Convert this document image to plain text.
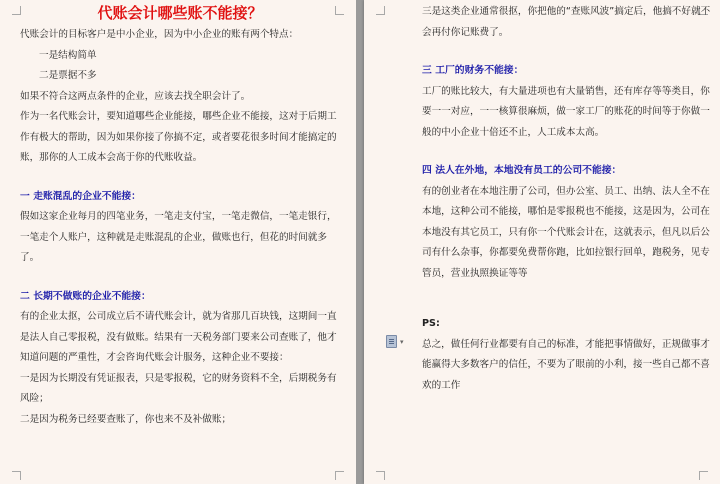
代账会计哪些账不能接？

代账会计的目标客户是中小企业，因为中小企业的账有两个特点：

一是结构简单

二是票据不多

如果不符合这两点条件的企业，应该去找全职会计了。

作为一名代账会计，要知道哪些企业能接，哪些企业不能接，这对于后期工作有极大的帮助，因为如果你接了你搞不定，或者要花很多时间才能搞定的账，那你的人工成本会高于你的代账收益。

一 走账混乱的企业不能接：

假如这家企业每月的四笔业务，一笔走支付宝，一笔走微信，一笔走银行，一笔走个人账户，这种就是走账混乱的企业，做账也行，但花的时间就多了。

二 长期不做账的企业不能接：

有的企业太抠，公司成立后不请代账会计，就为省那几百块钱，这期间一直是法人自己零报税，没有做账。结果有一天税务部门要来公司查账了，他才知道问题的严重性，才会咨询代账会计服务，这种企业不要接：

一是因为长期没有凭证报表，只是零报税，它的财务资料不全，后期税务有风险；

二是因为税务已经要查账了，你也来不及补做账；

▾

三是这类企业通常很抠，你把他的“查账风波”搞定后，他搞不好就不会再付你记账费了。

三 工厂的财务不能接：

工厂的账比较大，有大量进项也有大量销售，还有库存等等类目，你要一一对应，一一核算很麻烦，做一家工厂的账花的时间等于你做一般的中小企业十倍还不止，人工成本太高。

四 法人在外地，本地没有员工的公司不能接：

有的创业者在本地注册了公司，但办公室、员工、出纳、法人全不在本地，这种公司不能接，哪怕是零报税也不能接，这是因为，公司在本地没有其它员工，只有你一个代账会计在，这就表示，但凡以后公司有什么杂事，你都要免费帮你跑，比如拉银行回单，跑税务，见专管员，营业执照换证等等

PS:

总之，做任何行业都要有自己的标准，才能把事情做好，正规做事才能赢得大多数客户的信任，不要为了眼前的小利，接一些自己都不喜欢的工作
